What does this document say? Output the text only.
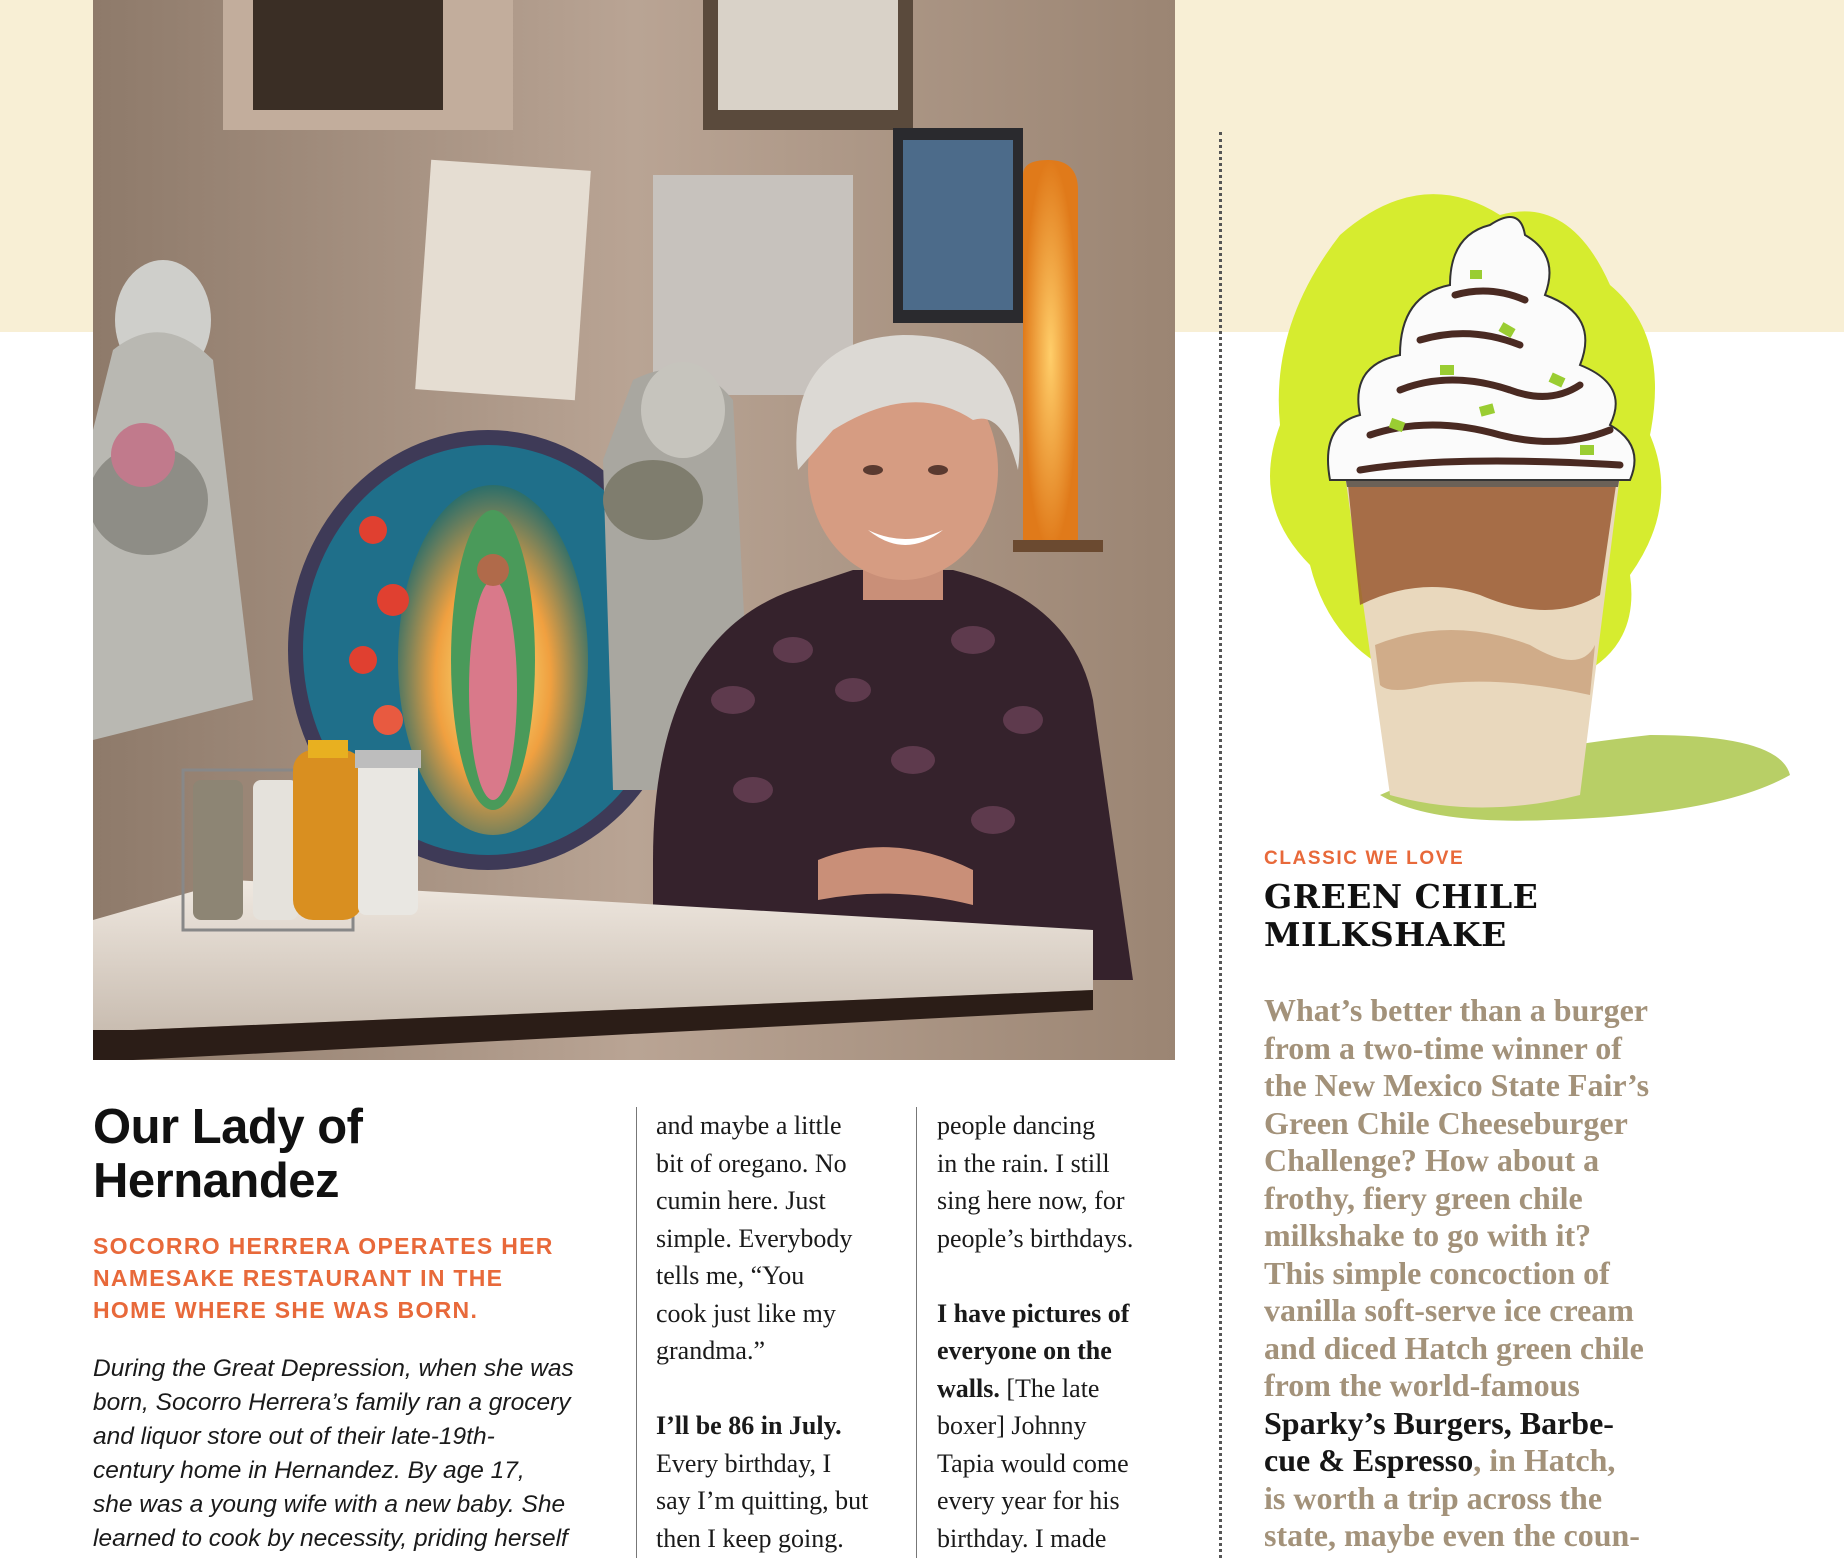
Our Lady of
Hernandez
SOCORRO HERRERA OPERATES HER
NAMESAKE RESTAURANT IN THE
HOME WHERE SHE WAS BORN.
During the Great Depression, when she was
born, Socorro Herrera’s family ran a grocery
and liquor store out of their late-19th-
century home in Hernandez. By age 17,
she was a young wife with a new baby. She
learned to cook by necessity, priding herself
and maybe a little
bit of oregano. No
cumin here. Just
simple. Everybody
tells me, “You
cook just like my
grandma.”
I’ll be 86 in July.
Every birthday, I
say I’m quitting, but
then I keep going.
people dancing
in the rain. I still
sing here now, for
people’s birthdays.
I have pictures of
everyone on the
walls. [The late
boxer] Johnny
Tapia would come
every year for his
birthday. I made
CLASSIC WE LOVE
GREEN CHILE
MILKSHAKE
What’s better than a burger
from a two-time winner of
the New Mexico State Fair’s
Green Chile Cheeseburger
Challenge? How about a
frothy, fiery green chile
milkshake to go with it?
This simple concoction of
vanilla soft-serve ice cream
and diced Hatch green chile
from the world-famous
Sparky’s Burgers, Barbe-
cue & Espresso, in Hatch,
is worth a trip across the
state, maybe even the coun-
